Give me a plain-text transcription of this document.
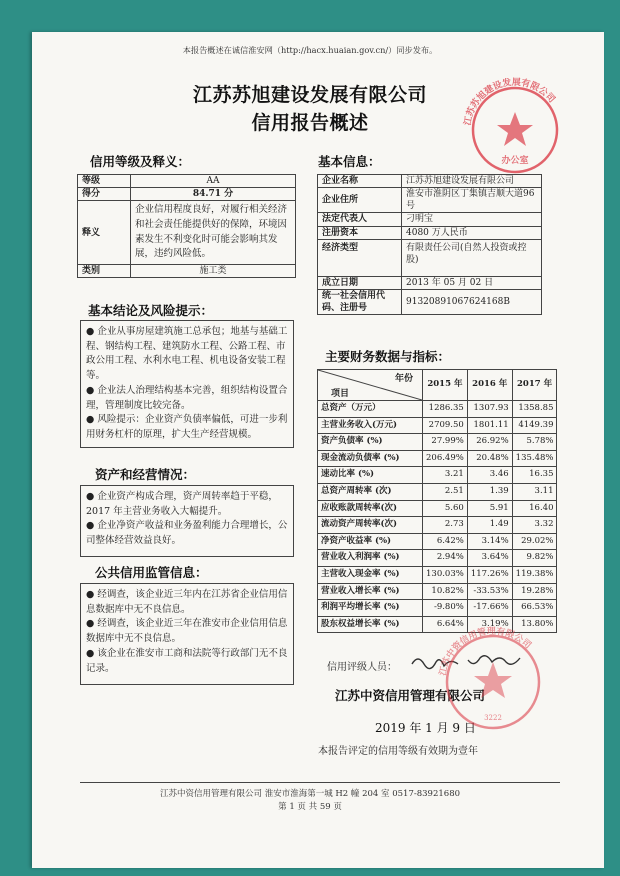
本报告概述在诚信淮安网（http://hacx.huaian.gov.cn/）同步发布。
江苏苏旭建设发展有限公司
信用报告概述	江苏苏旭建设发展有限公司
办公室
信用等级及释义：	基本信息：
等级	AA
得分	84.71 分
释义	企业信用程度良好，对履行相关经济和社会责任能提供好的保障，环境因素发生不利变化时可能会影响其发展，违约风险低。
类别	施工类
企业名称	江苏苏旭建设发展有限公司
企业住所	淮安市淮阴区丁集镇吉顺大道96号
法定代表人	刁明宝
注册资本	4080 万人民币
经济类型	有限责任公司(自然人投资或控股)
成立日期	2013 年 05 月 02 日
统一社会信用代码、注册号	91320891067624168B
基本结论及风险提示：

● 企业从事房屋建筑施工总承包；地基与基础工程、钢结构工程、建筑防水工程、公路工程、市政公用工程、水利水电工程、机电设备安装工程等。

● 企业法人治理结构基本完善，组织结构设置合理，管理制度比较完备。

● 风险提示：企业资产负债率偏低，可进一步利用财务杠杆的原理，扩大生产经营规模。

资产和经营情况：

● 企业资产构成合理，资产周转率趋于平稳，2017 年主营业务收入大幅提升。

● 企业净资产收益和业务盈利能力合理增长，公司整体经营效益良好。

公共信用监管信息：

● 经调查，该企业近三年内在江苏省企业信用信息数据库中无不良信息。

● 经调查，该企业近三年在淮安市企业信用信息数据库中无不良信息。

● 该企业在淮安市工商和法院等行政部门无不良记录。

主要财务数据与指标：
年份
项目	2015 年	2016 年	2017 年
总资产（万元）	1286.35	1307.93	1358.85
主营业务收入(万元)	2709.50	1801.11	4149.39
资产负债率 (%)	27.99%	26.92%	5.78%
现金流动负债率 (%)	206.49%	20.48%	135.48%
速动比率 (%)	3.21	3.46	16.35
总资产周转率 (次)	2.51	1.39	3.11
应收账款周转率(次)	5.60	5.91	16.40
流动资产周转率(次)	2.73	1.49	3.32
净资产收益率 (%)	6.42%	3.14%	29.02%
营业收入利润率 (%)	2.94%	3.64%	9.82%
主营收入现金率 (%)	130.03%	117.26%	119.38%
营业收入增长率 (%)	10.82%	-33.53%	19.28%
利润平均增长率 (%)	-9.80%	-17.66%	66.53%
股东权益增长率 (%)	6.64%	3.19%	13.80%
信用评级人员：
江苏中资信用管理有限公司
2019 年 1 月 9 日
本报告评定的信用等级有效期为壹年
江苏中资信用管理有限公司
3222
江苏中资信用管理有限公司 淮安市淮海第一城 H2 幢 204 室 0517-83921680
第 1 页 共 59 页
